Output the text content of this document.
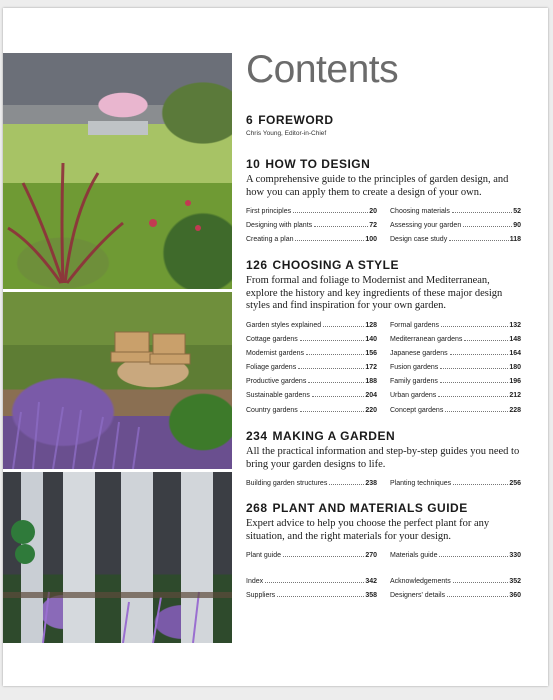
Contents
6 FOREWORD
Chris Young, Editor-in-Chief
10 HOW TO DESIGN
A comprehensive guide to the principles of garden design, and how you can apply them to create a design of your own.
First principles	20
Designing with plants	72
Creating a plan	100
Choosing materials	52
Assessing your garden	90
Design case study	118
126 CHOOSING A STYLE
From formal and foliage to Modernist and Mediterranean, explore the history and key ingredients of these major design styles and find inspiration for your own garden.
Garden styles explained	128
Cottage gardens	140
Modernist gardens	156
Foliage gardens	172
Productive gardens	188
Sustainable gardens	204
Country gardens	220
Formal gardens	132
Mediterranean gardens	148
Japanese gardens	164
Fusion gardens	180
Family gardens	196
Urban gardens	212
Concept gardens	228
234 MAKING A GARDEN
All the practical information and step-by-step guides you need to bring your garden designs to life.
Building garden structures	238 Planting techniques	256
268 PLANT AND MATERIALS GUIDE
Expert advice to help you choose the perfect plant for any situation, and the right materials for your design.
Plant guide	270 Materials guide	330
Index	342
Suppliers	358
Acknowledgements	352
Designers' details	360
